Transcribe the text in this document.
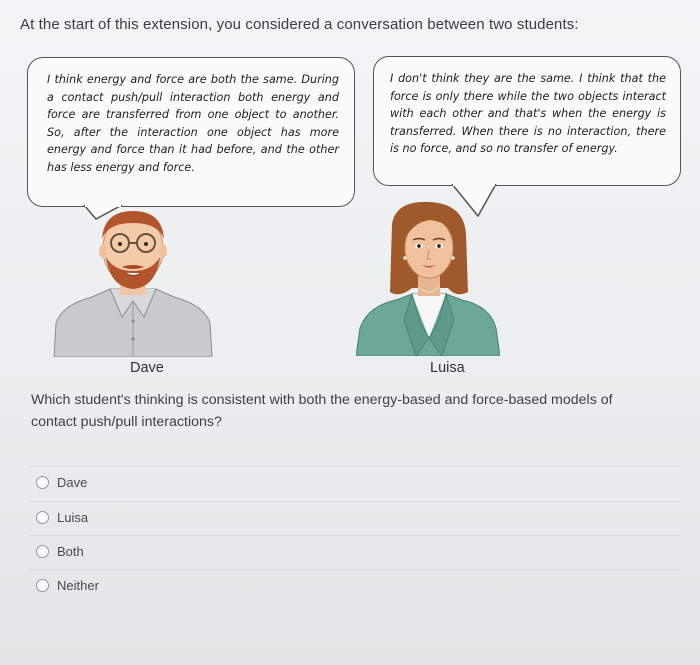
At the start of this extension, you considered a conversation between two students:
I think energy and force are both the same. During a contact push/pull interaction both energy and force are transferred from one object to another. So, after the interaction one object has more energy and force than it had before, and the other has less energy and force.
I don't think they are the same. I think that the force is only there while the two objects interact with each other and that's when the energy is transferred. When there is no interaction, there is no force, and so no transfer of energy.
Dave	Luisa
Which student's thinking is consistent with both the energy-based and force-based models of contact push/pull interactions?
Dave
Luisa
Both
Neither
